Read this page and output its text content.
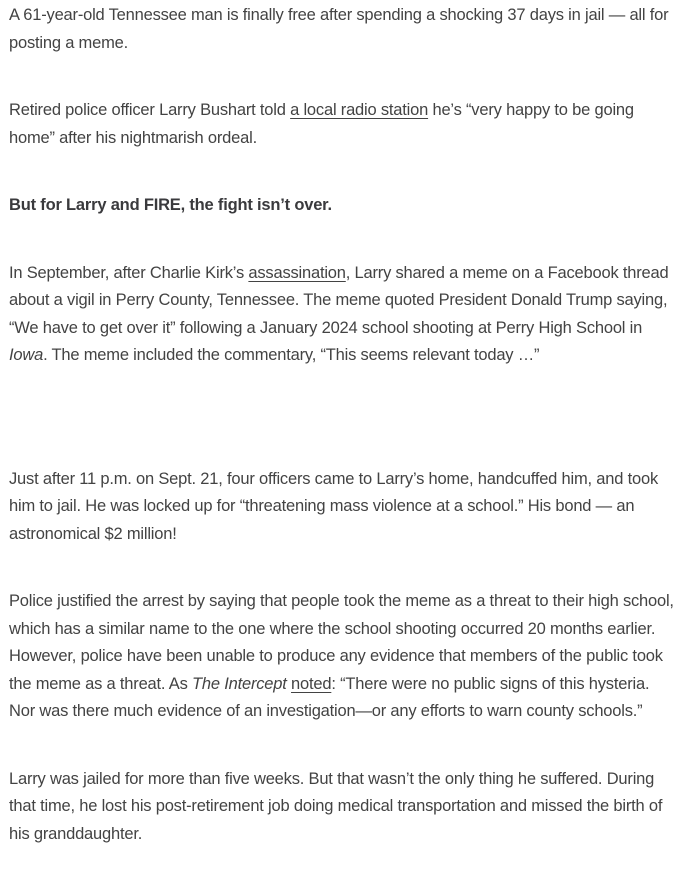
A 61-year-old Tennessee man is finally free after spending a shocking 37 days in jail — all for posting a meme.

Retired police officer Larry Bushart told a local radio station he’s “very happy to be going home” after his nightmarish ordeal.

But for Larry and FIRE, the fight isn’t over.

In September, after Charlie Kirk’s assassination, Larry shared a meme on a Facebook thread about a vigil in Perry County, Tennessee. The meme quoted President Donald Trump saying, “We have to get over it” following a January 2024 school shooting at Perry High School in Iowa. The meme included the commentary, “This seems relevant today …”

Just after 11 p.m. on Sept. 21, four officers came to Larry’s home, handcuffed him, and took him to jail. He was locked up for “threatening mass violence at a school.” His bond — an astronomical $2 million!

Police justified the arrest by saying that people took the meme as a threat to their high school, which has a similar name to the one where the school shooting occurred 20 months earlier. However, police have been unable to produce any evidence that members of the public took the meme as a threat. As The Intercept noted: “There were no public signs of this hysteria. Nor was there much evidence of an investigation—or any efforts to warn county schools.”

Larry was jailed for more than five weeks. But that wasn’t the only thing he suffered. During that time, he lost his post-retirement job doing medical transportation and missed the birth of his granddaughter.
